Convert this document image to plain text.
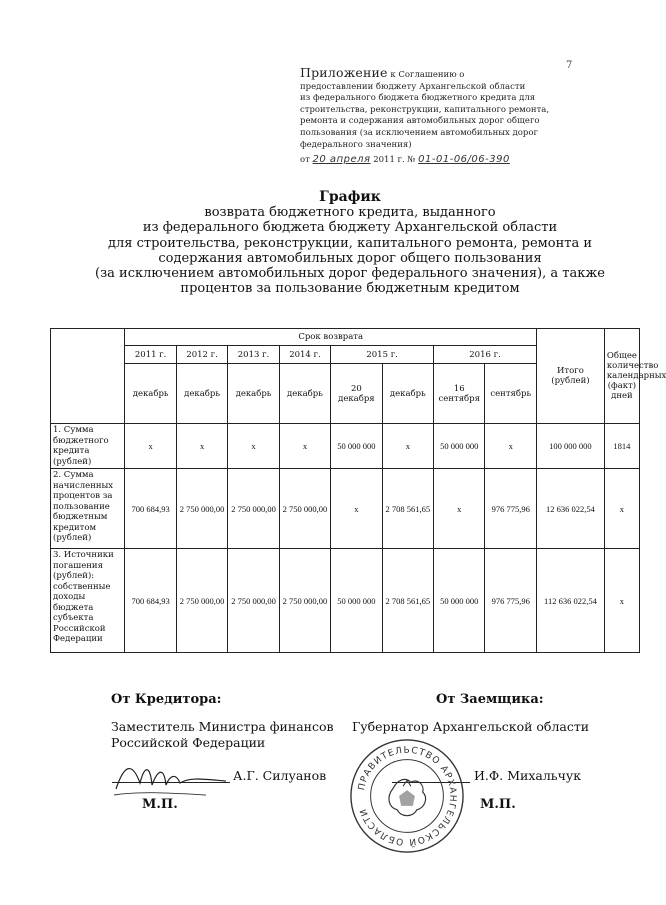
7
Приложение к Соглашению о
предоставлении бюджету Архангельской области
из федерального бюджета бюджетного кредита для
строительства, реконструкции, капитального ремонта,
ремонта и содержания автомобильных дорог общего
пользования (за исключением автомобильных дорог
федерального значения)
от 20 апреля 2011 г. № 01-01-06/06-390
График
возврата бюджетного кредита, выданного
из федерального бюджета бюджету Архангельской области
для строительства, реконструкции, капитального ремонта, ремонта и
содержания автомобильных дорог общего пользования
(за исключением автомобильных дорог федерального значения), а также
процентов за пользование бюджетным кредитом
	Срок возврата								Итого (рублей)	Общее количество календарных (факт) дней
	2011 г.	2012 г.	2013 г.	2014 г.	2015 г.		2016 г.			
	декабрь	декабрь	декабрь	декабрь	20 декабря	декабрь	16 сентября	сентябрь		
1. Сумма бюджетного кредита (рублей)	x	x	x	x	50 000 000	x	50 000 000	x	100 000 000	1814
2. Сумма начисленных процентов за пользование бюджетным кредитом (рублей)	700 684,93	2 750 000,00	2 750 000,00	2 750 000,00	x	2 708 561,65	x	976 775,96	12 636 022,54	x
3. Источники погашения (рублей): собственные доходы бюджета субъекта Российской Федерации	700 684,93	2 750 000,00	2 750 000,00	2 750 000,00	50 000 000	2 708 561,65	50 000 000	976 775,96	112 636 022,54	x
От Кредитора:
Заместитель Министра финансов
Российской Федерации
А.Г. Силуанов
М.П.
От Заемщика:
Губернатор Архангельской области
И.Ф. Михальчук
М.П.
ПРАВИТЕЛЬСТВО АРХАНГЕЛЬСКОЙ ОБЛАСТИ
